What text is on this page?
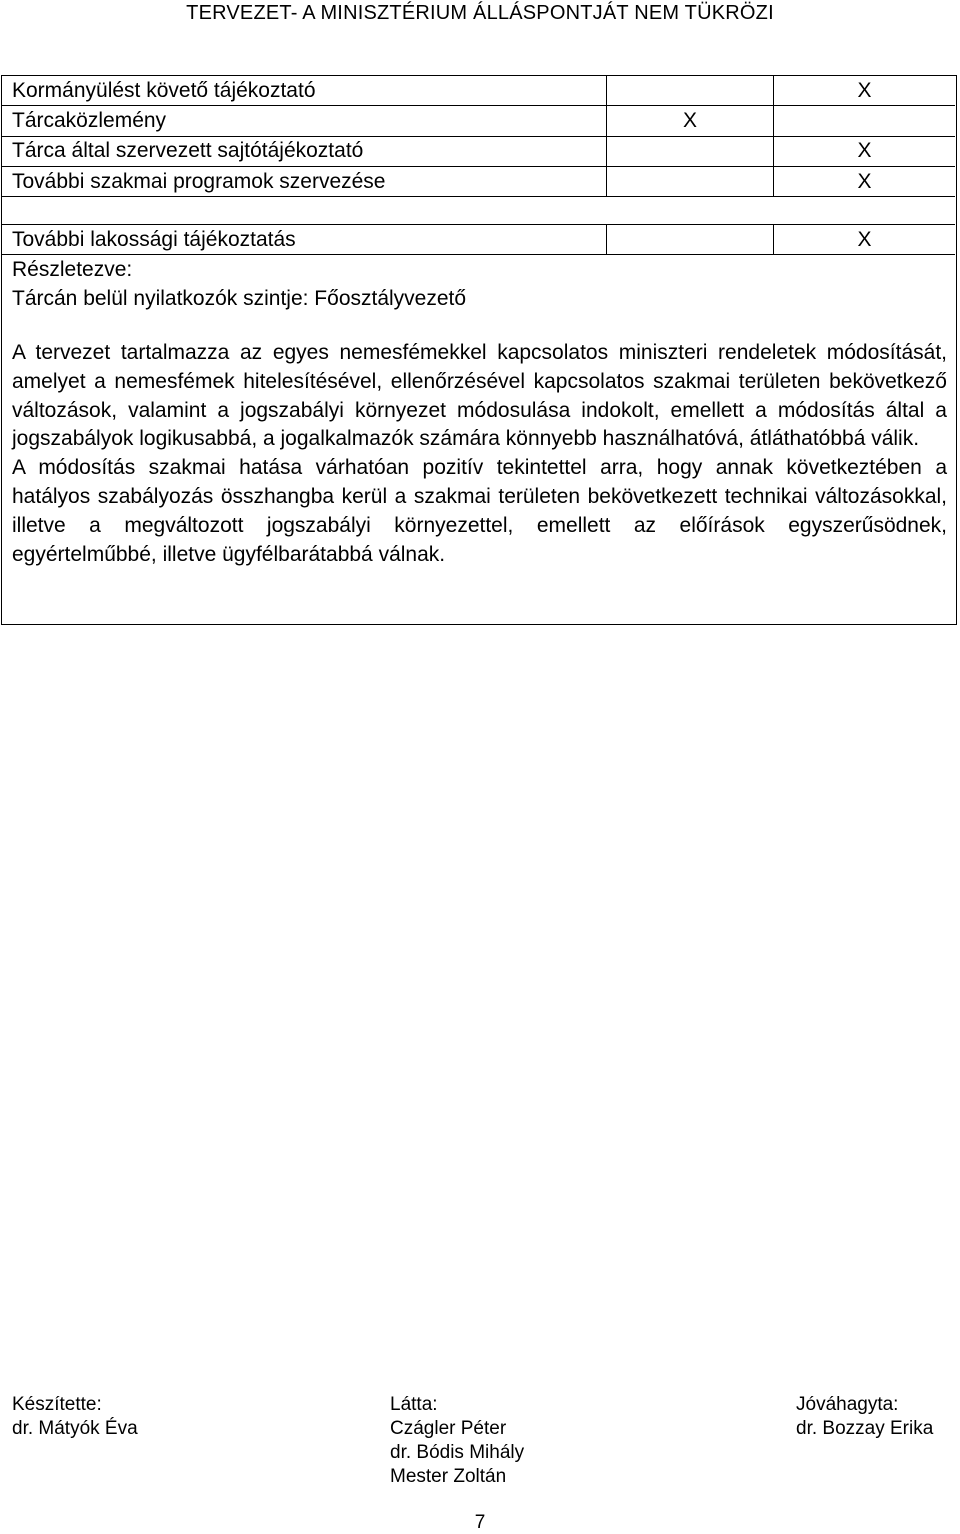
TERVEZET- A MINISZTÉRIUM ÁLLÁSPONTJÁT NEM TÜKRÖZI
Kormányülést követő tájékoztató		X
Tárcaközlemény	X	
Tárca által szervezett sajtótájékoztató		X
További szakmai programok szervezése		X

További lakossági tájékoztatás		X
Részletezve:		
Tárcán belül nyilatkozók szintje: Főosztályvezető		

A tervezet tartalmazza az egyes nemesfémekkel kapcsolatos miniszteri rendeletek módosítását, amelyet a nemesfémek hitelesítésével, ellenőrzésével kapcsolatos szakmai területen bekövetkező változások, valamint a jogszabályi környezet módosulása indokolt, emellett a módosítás által a jogszabályok logikusabbá, a jogalkalmazók számára könnyebb használhatóvá, átláthatóbbá válik.

A módosítás szakmai hatása várhatóan pozitív tekintettel arra, hogy annak következtében a hatályos szabályozás összhangba kerül a szakmai területen bekövetkezett technikai változásokkal, illetve a megváltozott jogszabályi környezettel, emellett az előírások egyszerűsödnek, egyértelműbbé, illetve ügyfélbarátabbá válnak.

Készítette:
dr. Mátyók Éva
Látta:
Czágler Péter
dr. Bódis Mihály
Mester Zoltán
Jóváhagyta:
dr. Bozzay Erika
7
